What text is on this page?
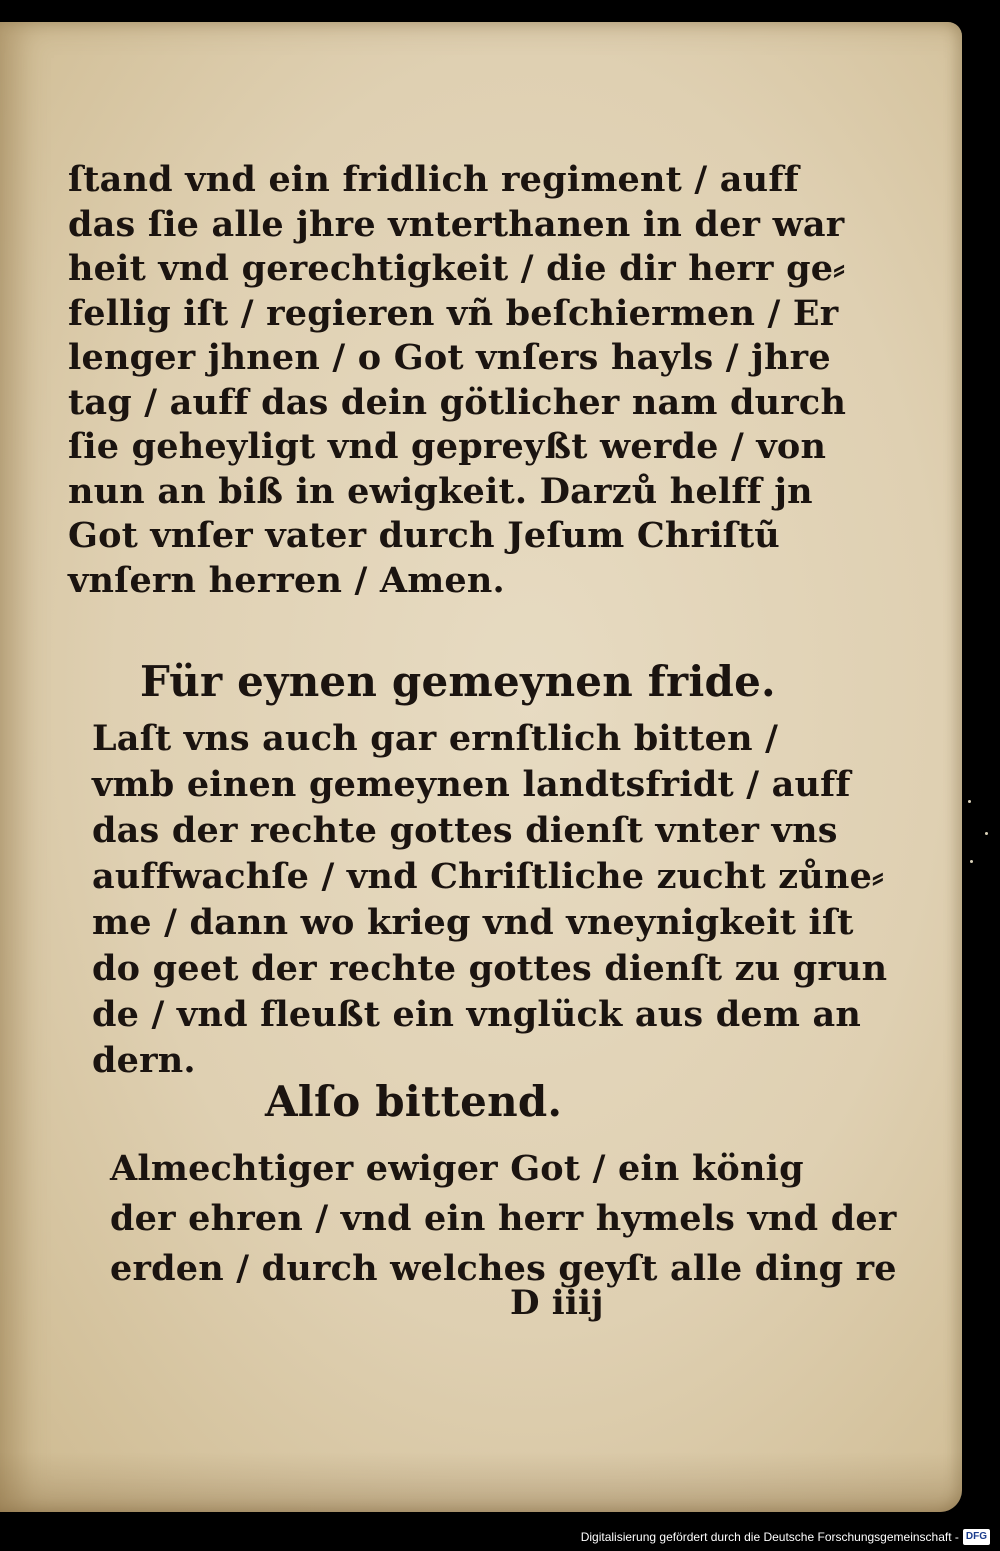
ſtand vnd ein fridlich regiment / auff
das ſie alle jhre vnterthanen in der war
heit vnd gerechtigkeit / die dir herr ge⸗
fellig iſt / regieren vñ beſchiermen / Er
lenger jhnen / o Got vnſers hayls / jhre
tag / auff das dein götlicher nam durch
ſie geheyligt vnd gepreyßt werde / von
nun an biß in ewigkeit. Darzů helff jn
Got vnſer vater durch Jeſum Chriſtũ
vnſern herren / Amen.
Für eynen gemeynen fride.
Laſt vns auch gar ernſtlich bitten /
vmb einen gemeynen landtsfridt / auff
das der rechte gottes dienſt vnter vns
auffwachſe / vnd Chriſtliche zucht zůne⸗
me / dann wo krieg vnd vneynigkeit iſt
do geet der rechte gottes dienſt zu grun
de / vnd fleußt ein vnglück aus dem an
dern.
Alſo bittend.
Almechtiger ewiger Got / ein könig
der ehren / vnd ein herr hymels vnd der
erden / durch welches geyſt alle ding re
D iiij
Digitalisierung gefördert durch die Deutsche Forschungsgemeinschaft - DFG
